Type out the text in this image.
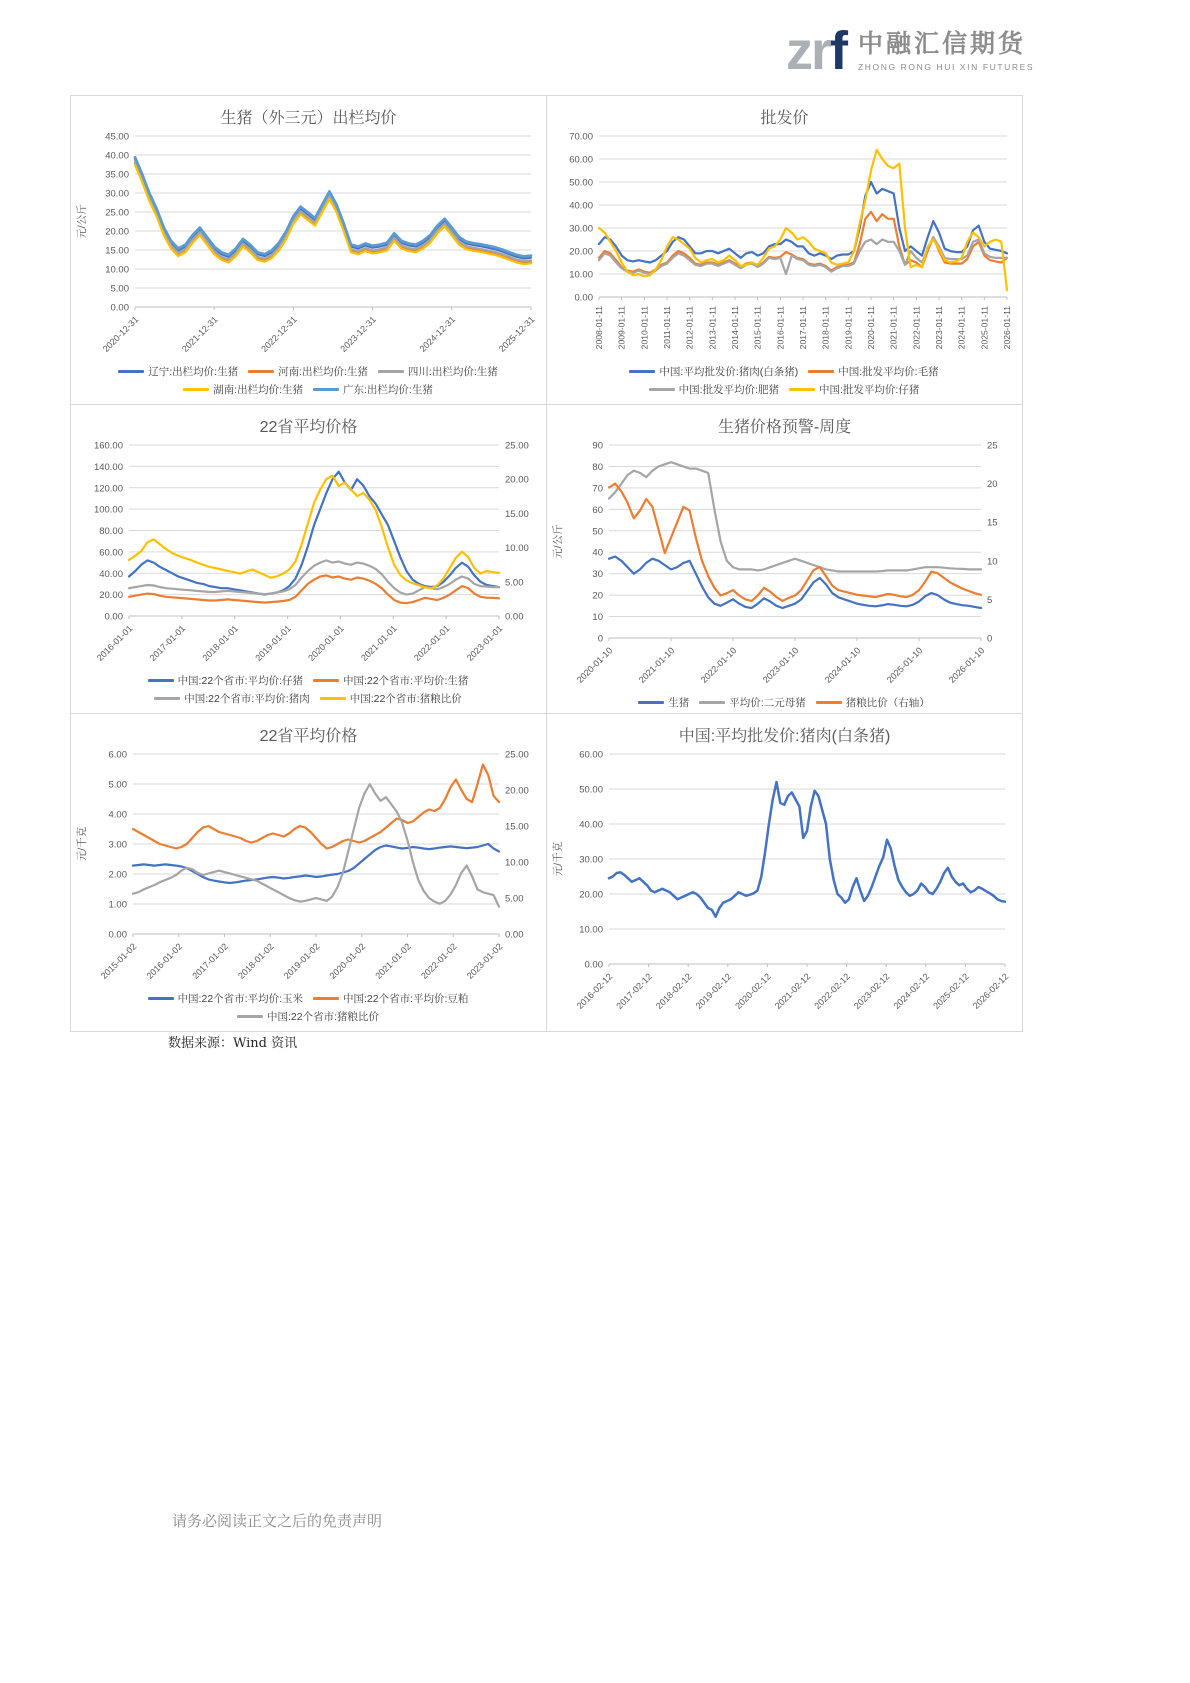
zrf 中融汇信期货
ZHONG RONG HUI XIN FUTURES
生猪（外三元）出栏均价
0.00
5.00
10.00
15.00
20.00
25.00
30.00
35.00
40.00
45.00
元/公斤
2020-12-31	2021-12-31	2022-12-31	2023-12-31	2024-12-31	2025-12-31
辽宁:出栏均价:生猪	河南:出栏均价:生猪	四川:出栏均价:生猪
湖南:出栏均价:生猪	广东:出栏均价:生猪
批发价
0.00
10.00
20.00
30.00
40.00
50.00
60.00
70.00
2008-01-11 2009-01-11 2010-01-11 2011-01-11 2012-01-11 2013-01-11 2014-01-11 2015-01-11 2016-01-11 2017-01-11 2018-01-11 2019-01-11 2020-01-11 2021-01-11 2022-01-11 2023-01-11 2024-01-11 2025-01-11 2026-01-11
中国:平均批发价:猪肉(白条猪)	中国:批发平均价:毛猪
中国:批发平均价:肥猪	中国:批发平均价:仔猪
22省平均价格
0.00
20.00
40.00
60.00
80.00
100.00
120.00
140.00
160.00
0.00
5.00
10.00
15.00
20.00
25.00
2016-01-01 2017-01-01 2018-01-01 2019-01-01 2020-01-01 2021-01-01 2022-01-01 2023-01-01
中国:22个省市:平均价:仔猪	中国:22个省市:平均价:生猪
中国:22个省市:平均价:猪肉	中国:22个省市:猪粮比价
生猪价格预警-周度
0
10
20
30
40
50
60
70
80
90
0
5
10
15
20
25
元/公斤
2020-01-10 2021-01-10 2022-01-10 2023-01-10 2024-01-10 2025-01-10 2026-01-10
生猪	平均价:二元母猪	猪粮比价（右轴）
22省平均价格
0.00
1.00
2.00
3.00
4.00
5.00
6.00
0.00
5.00
10.00
15.00
20.00
25.00
元/千克
2015-01-02 2016-01-02 2017-01-02 2018-01-02 2019-01-02 2020-01-02 2021-01-02 2022-01-02 2023-01-02
中国:22个省市:平均价:玉米	中国:22个省市:平均价:豆粕
中国:22个省市:猪粮比价
中国:平均批发价:猪肉(白条猪)
0.00
10.00
20.00
30.00
40.00
50.00
60.00
元/千克
2016-02-12 2017-02-12 2018-02-12 2019-02-12 2020-02-12 2021-02-12 2022-02-12 2023-02-12 2024-02-12 2025-02-12 2026-02-12
数据来源：Wind 资讯
请务必阅读正文之后的免责声明
